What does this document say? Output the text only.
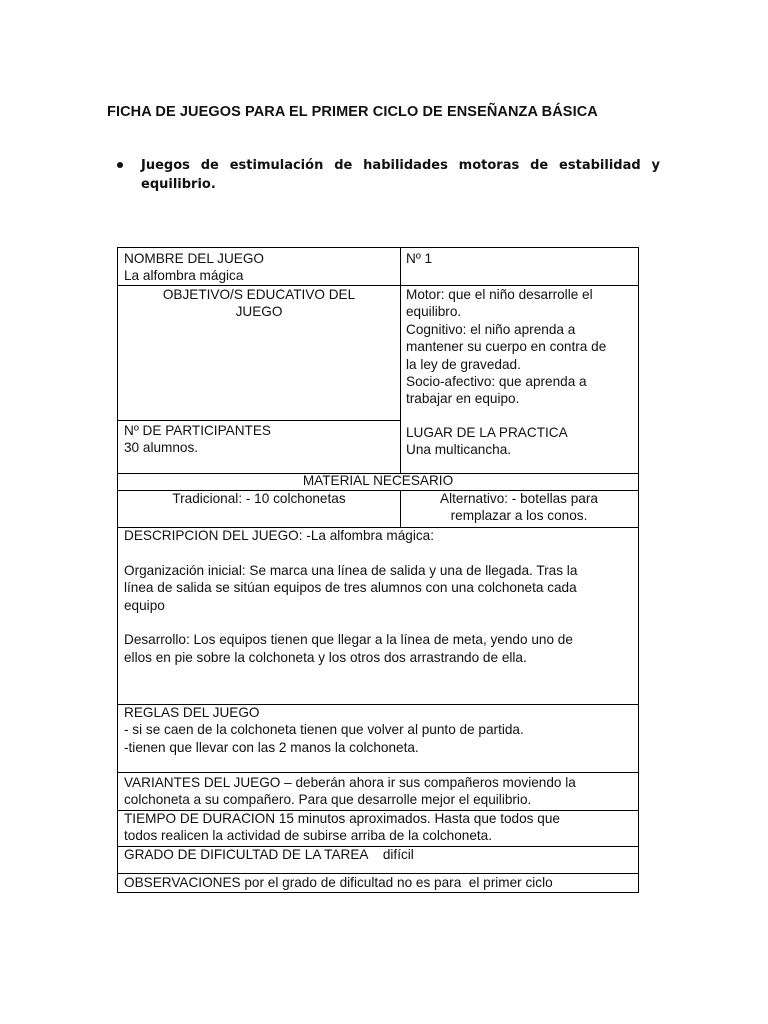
FICHA DE JUEGOS PARA EL PRIMER CICLO DE ENSEÑANZA BÁSICA
Juegos de estimulación de habilidades motoras de estabilidad y
equilibrio.
NOMBRE DEL JUEGO
La alfombra mágica
Nº 1
OBJETIVO/S EDUCATIVO DEL
JUEGO
Motor: que el niño desarrolle el
equilibro.
Cognitivo: el niño aprenda a
mantener su cuerpo en contra de
la ley de gravedad.
Socio-afectivo: que aprenda a
trabajar en equipo.
Nº DE PARTICIPANTES
30 alumnos.
LUGAR DE LA PRACTICA
Una multicancha.
MATERIAL NECESARIO
Tradicional: - 10 colchonetas	Alternativo: - botellas para
remplazar a los conos.
DESCRIPCION DEL JUEGO: -La alfombra mágica:
Organización inicial: Se marca una línea de salida y una de llegada. Tras la
línea de salida se sitúan equipos de tres alumnos con una colchoneta cada
equipo
Desarrollo: Los equipos tienen que llegar a la línea de meta, yendo uno de
ellos en pie sobre la colchoneta y los otros dos arrastrando de ella.
REGLAS DEL JUEGO
- si se caen de la colchoneta tienen que volver al punto de partida.
-tienen que llevar con las 2 manos la colchoneta.
VARIANTES DEL JUEGO – deberán ahora ir sus compañeros moviendo la
colchoneta a su compañero. Para que desarrolle mejor el equilibrio.
TIEMPO DE DURACION 15 minutos aproximados. Hasta que todos que
todos realicen la actividad de subirse arriba de la colchoneta.
GRADO DE DIFICULTAD DE LA TAREA    difícil
OBSERVACIONES por el grado de dificultad no es para  el primer ciclo
